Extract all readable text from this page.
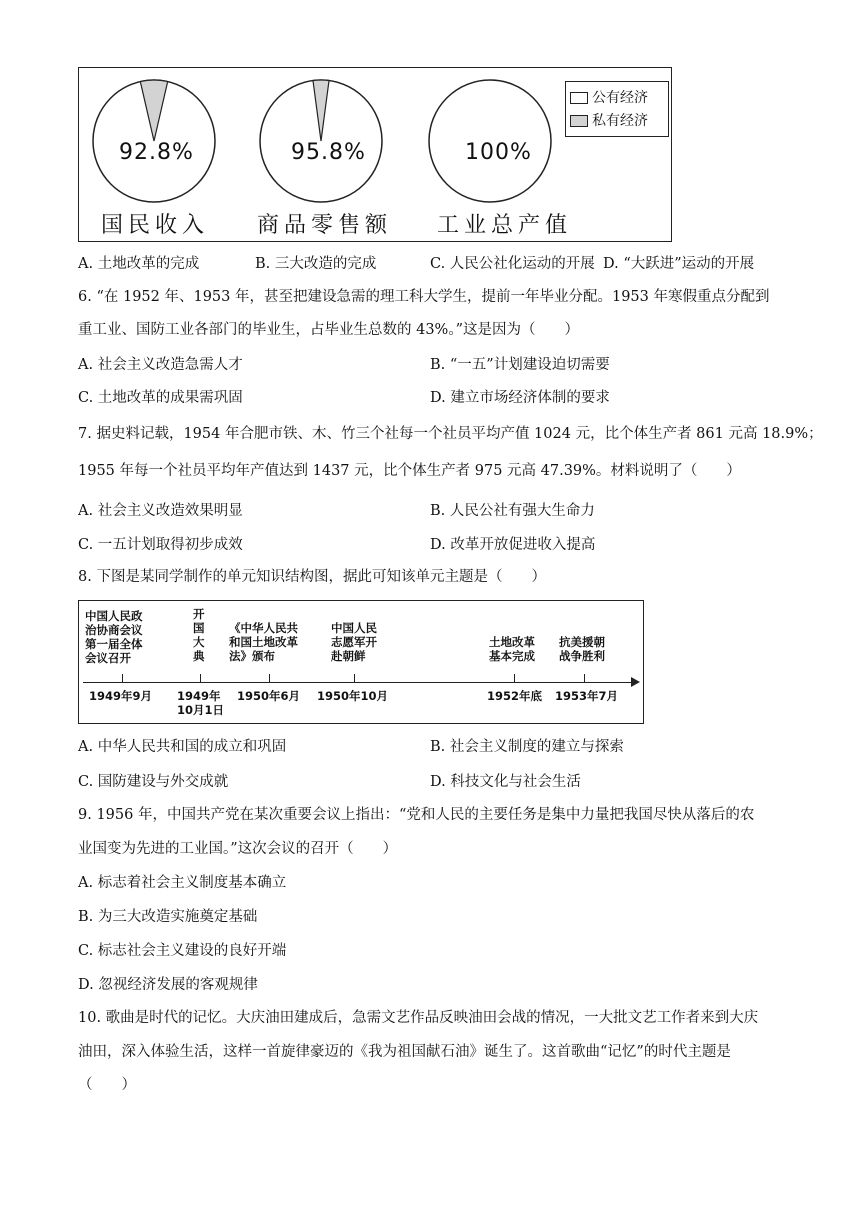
92.8%
国民收入
95.8%
商品零售额
100%
工业总产值
公有经济
私有经济
A. 土地改革的完成	B. 三大改造的完成	C. 人民公社化运动的开展 D. “大跃进”运动的开展
6. “在 1952 年、1953 年，甚至把建设急需的理工科大学生，提前一年毕业分配。1953 年寒假重点分配到
重工业、国防工业各部门的毕业生，占毕业生总数的 43%。”这是因为（　　）
A. 社会主义改造急需人才	B. “一五”计划建设迫切需要
C. 土地改革的成果需巩固	D. 建立市场经济体制的要求
7. 据史料记载，1954 年合肥市铁、木、竹三个社每一个社员平均产值 1024 元，比个体生产者 861 元高 18.9%；
1955 年每一个社员平均年产值达到 1437 元，比个体生产者 975 元高 47.39%。材料说明了（　　）
A. 社会主义改造效果明显	B. 人民公社有强大生命力
C. 一五计划取得初步成效	D. 改革开放促进收入提高
8. 下图是某同学制作的单元知识结构图，据此可知该单元主题是（　　）
中国人民政
治协商会议
第一届全体
会议召开
开
国
大
典
《中华人民共
和国土地改革
法》颁布
中国人民
志愿军开
赴朝鲜
土地改革
基本完成
抗美援朝
战争胜利
1949年9月 1949年
10月1日
1950年6月 1950年10月	1952年底 1953年7月
A. 中华人民共和国的成立和巩固	B. 社会主义制度的建立与探索
C. 国防建设与外交成就	D. 科技文化与社会生活
9. 1956 年，中国共产党在某次重要会议上指出：“党和人民的主要任务是集中力量把我国尽快从落后的农
业国变为先进的工业国。”这次会议的召开（　　）
A. 标志着社会主义制度基本确立
B. 为三大改造实施奠定基础
C. 标志社会主义建设的良好开端
D. 忽视经济发展的客观规律
10. 歌曲是时代的记忆。大庆油田建成后，急需文艺作品反映油田会战的情况，一大批文艺工作者来到大庆
油田，深入体验生活，这样一首旋律豪迈的《我为祖国献石油》诞生了。这首歌曲“记忆”的时代主题是
（　　）
